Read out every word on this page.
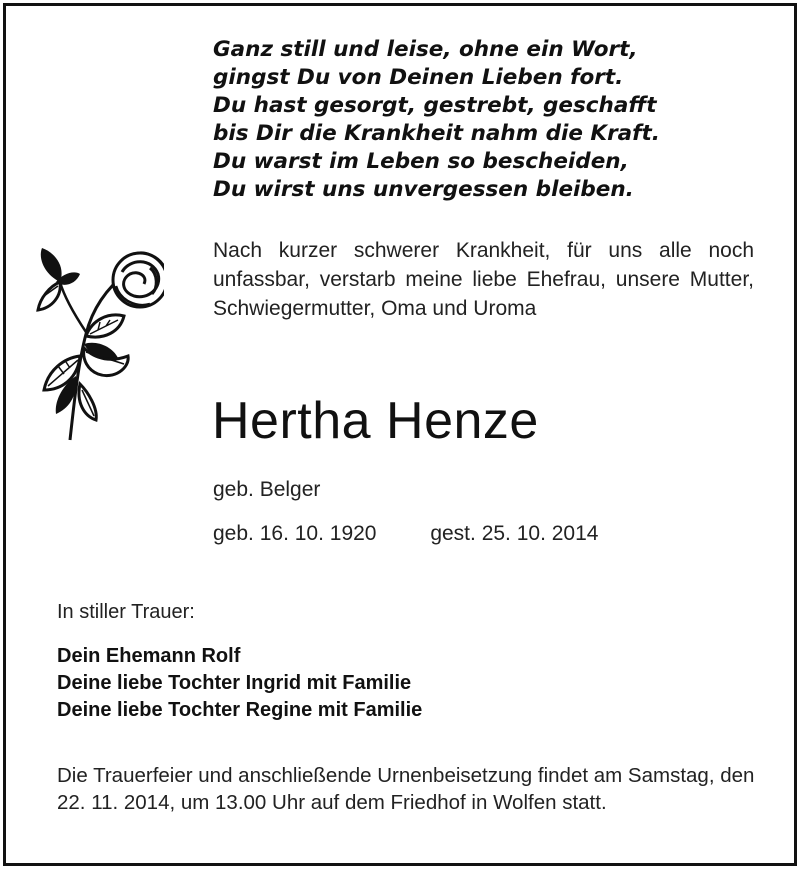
Ganz still und leise, ohne ein Wort,
gingst Du von Deinen Lieben fort.
Du hast gesorgt, gestrebt, geschafft
bis Dir die Krankheit nahm die Kraft.
Du warst im Leben so bescheiden,
Du wirst uns unvergessen bleiben.

Nach kurzer schwerer Krankheit, für uns alle noch unfassbar, verstarb meine liebe Ehefrau, unsere Mutter, Schwiegermutter, Oma und Uroma

Hertha Henze
geb. Belger
geb. 16. 10. 1920	gest. 25. 10. 2014
In stiller Trauer:
Dein Ehemann Rolf
Deine liebe Tochter Ingrid mit Familie
Deine liebe Tochter Regine mit Familie

Die Trauerfeier und anschließende Urnenbeisetzung findet am Samstag, den 22. 11. 2014, um 13.00 Uhr auf dem Friedhof in Wolfen statt.
